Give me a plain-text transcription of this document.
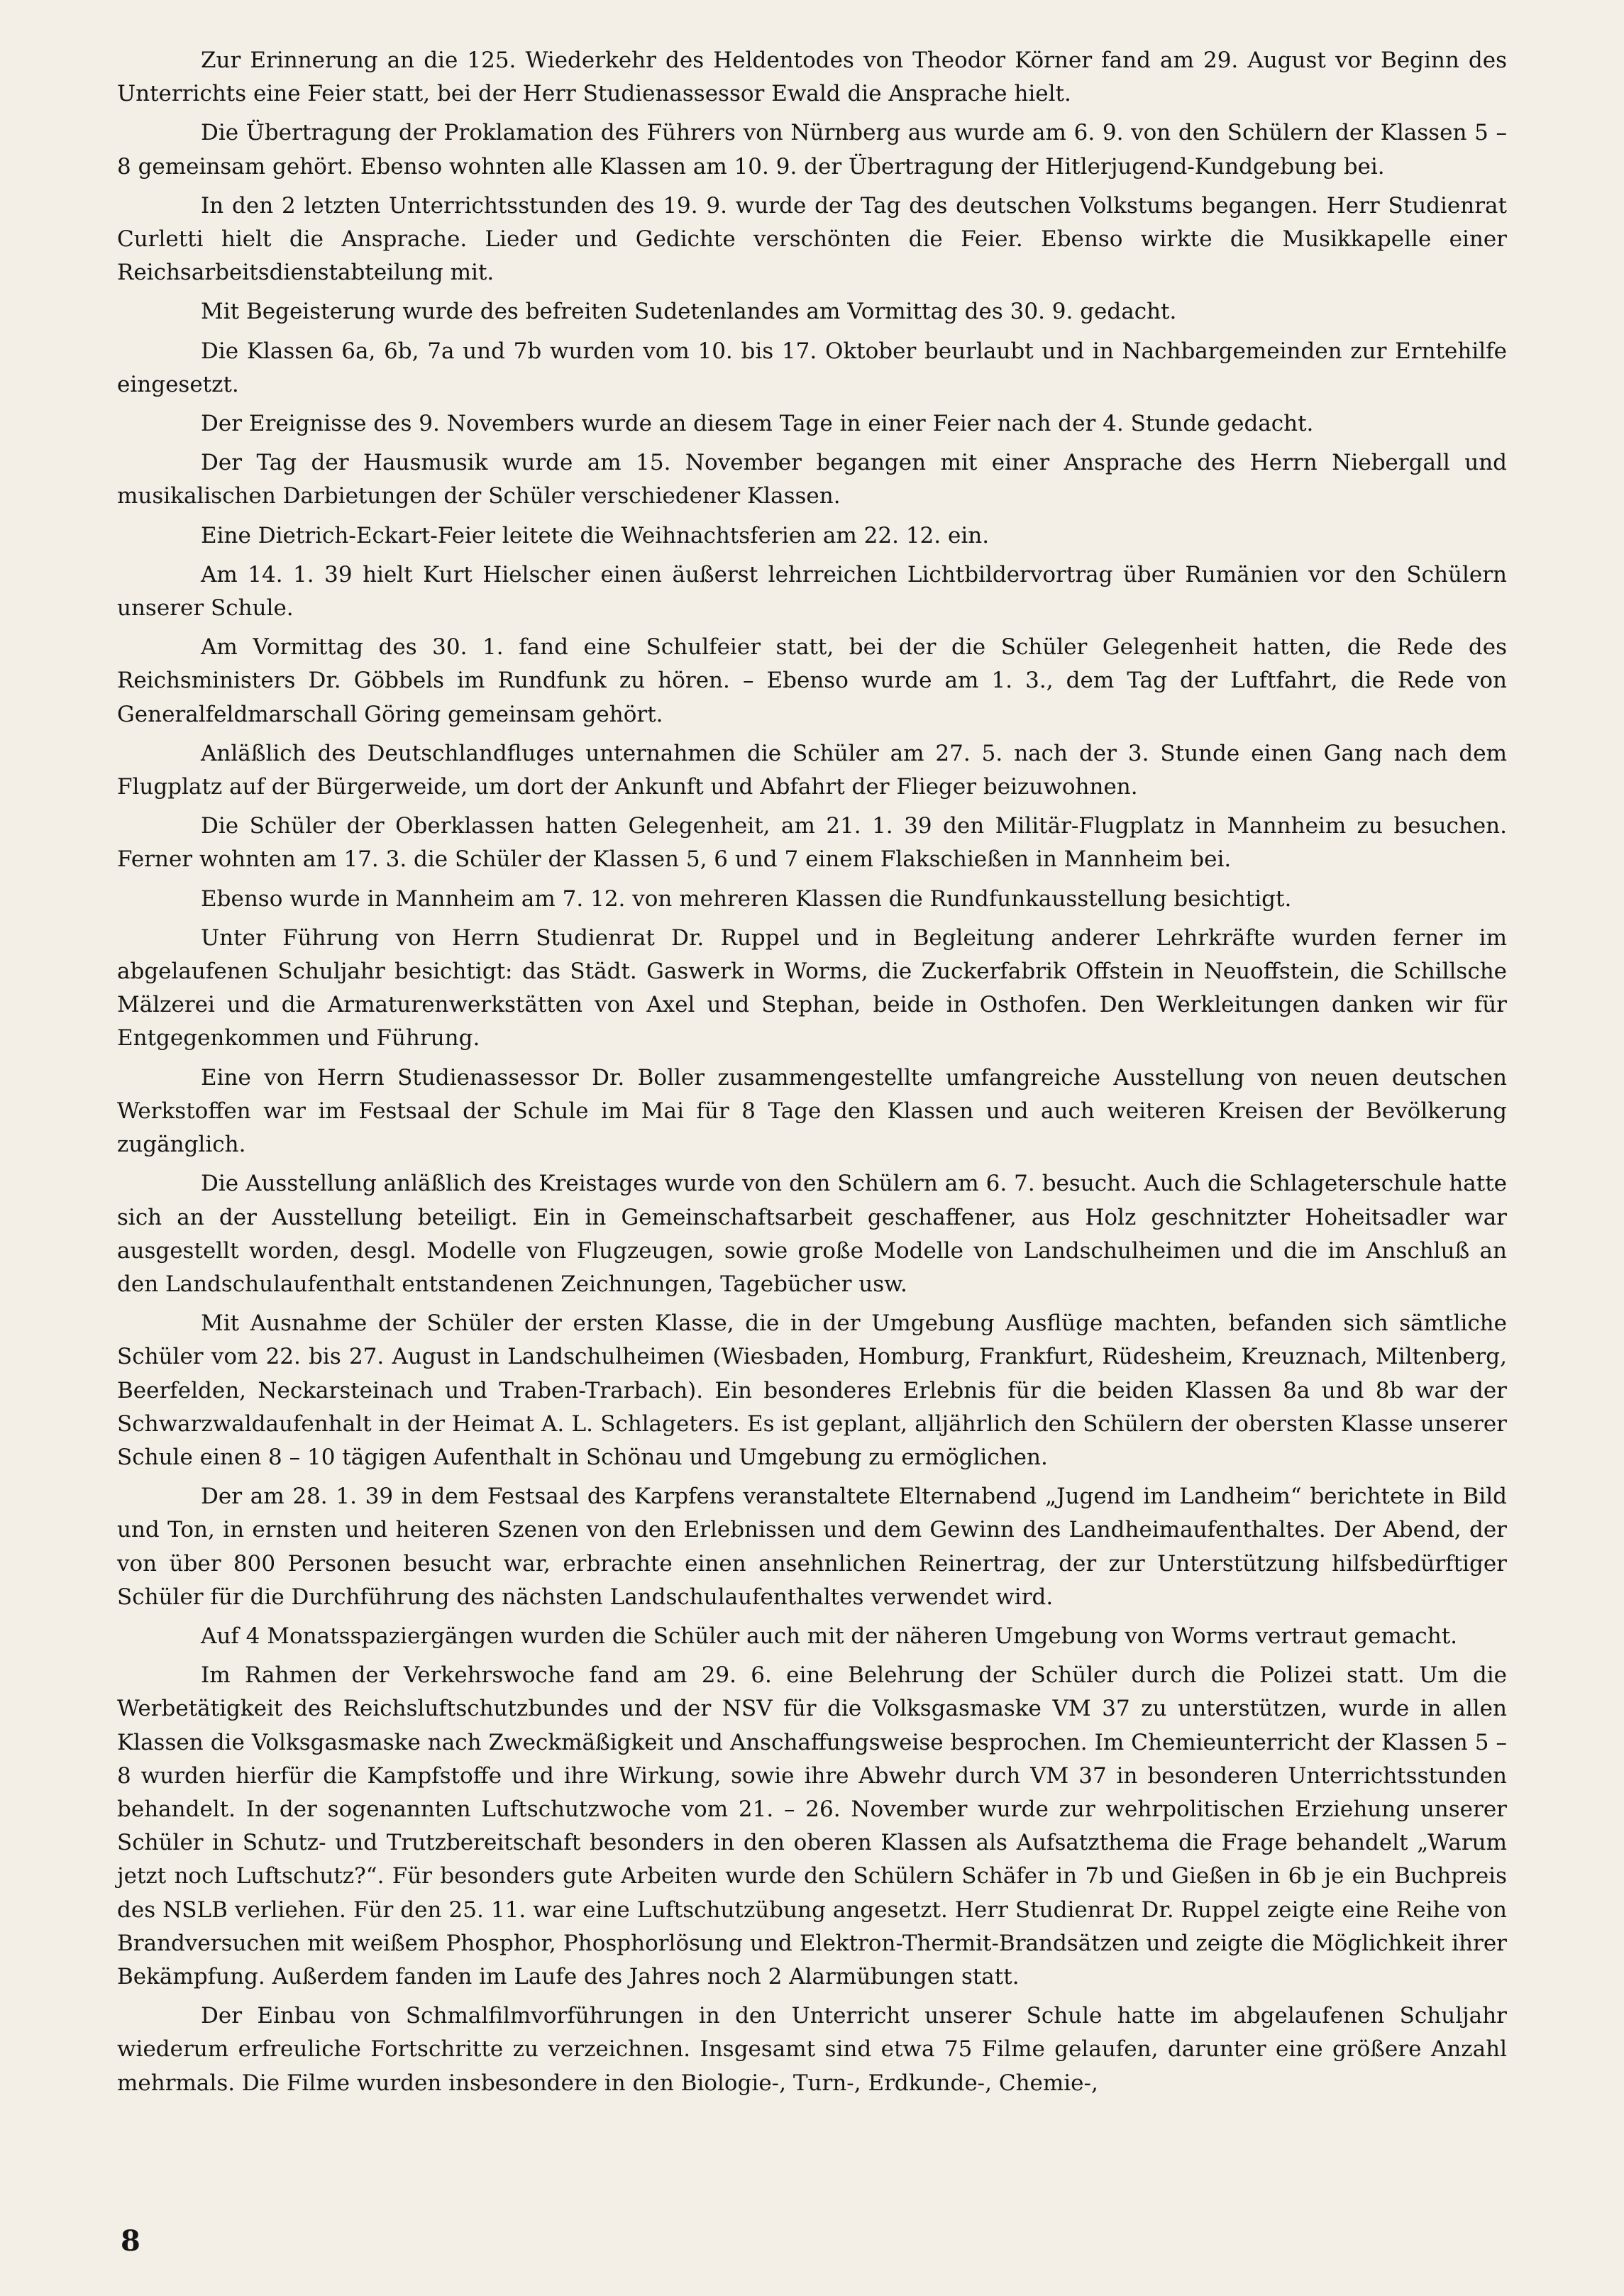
Zur Erinnerung an die 125. Wiederkehr des Heldentodes von Theodor Körner fand am 29. August vor Beginn des Unterrichts eine Feier statt, bei der Herr Studienassessor Ewald die Ansprache hielt.

Die Übertragung der Proklamation des Führers von Nürnberg aus wurde am 6. 9. von den Schülern der Klassen 5 – 8 gemeinsam gehört. Ebenso wohnten alle Klassen am 10. 9. der Übertragung der Hitlerjugend-Kundgebung bei.

In den 2 letzten Unterrichtsstunden des 19. 9. wurde der Tag des deutschen Volkstums begangen. Herr Studienrat Curletti hielt die Ansprache. Lieder und Gedichte verschönten die Feier. Ebenso wirkte die Musikkapelle einer Reichsarbeitsdienstabteilung mit.

Mit Begeisterung wurde des befreiten Sudetenlandes am Vormittag des 30. 9. gedacht.

Die Klassen 6a, 6b, 7a und 7b wurden vom 10. bis 17. Oktober beurlaubt und in Nachbargemeinden zur Erntehilfe eingesetzt.

Der Ereignisse des 9. Novembers wurde an diesem Tage in einer Feier nach der 4. Stunde gedacht.

Der Tag der Hausmusik wurde am 15. November begangen mit einer Ansprache des Herrn Niebergall und musikalischen Darbietungen der Schüler verschiedener Klassen.

Eine Dietrich-Eckart-Feier leitete die Weihnachtsferien am 22. 12. ein.

Am 14. 1. 39 hielt Kurt Hielscher einen äußerst lehrreichen Lichtbildervortrag über Rumänien vor den Schülern unserer Schule.

Am Vormittag des 30. 1. fand eine Schulfeier statt, bei der die Schüler Gelegenheit hatten, die Rede des Reichsministers Dr. Göbbels im Rundfunk zu hören. – Ebenso wurde am 1. 3., dem Tag der Luftfahrt, die Rede von Generalfeldmarschall Göring gemeinsam gehört.

Anläßlich des Deutschlandfluges unternahmen die Schüler am 27. 5. nach der 3. Stunde einen Gang nach dem Flugplatz auf der Bürgerweide, um dort der Ankunft und Abfahrt der Flieger beizuwohnen.

Die Schüler der Oberklassen hatten Gelegenheit, am 21. 1. 39 den Militär-Flugplatz in Mannheim zu besuchen. Ferner wohnten am 17. 3. die Schüler der Klassen 5, 6 und 7 einem Flakschießen in Mannheim bei.

Ebenso wurde in Mannheim am 7. 12. von mehreren Klassen die Rundfunkausstellung besichtigt.

Unter Führung von Herrn Studienrat Dr. Ruppel und in Begleitung anderer Lehrkräfte wurden ferner im abgelaufenen Schuljahr besichtigt: das Städt. Gaswerk in Worms, die Zuckerfabrik Offstein in Neuoffstein, die Schillsche Mälzerei und die Armaturenwerkstätten von Axel und Stephan, beide in Osthofen. Den Werkleitungen danken wir für Entgegenkommen und Führung.

Eine von Herrn Studienassessor Dr. Boller zusammengestellte umfangreiche Ausstellung von neuen deutschen Werkstoffen war im Festsaal der Schule im Mai für 8 Tage den Klassen und auch weiteren Kreisen der Bevölkerung zugänglich.

Die Ausstellung anläßlich des Kreistages wurde von den Schülern am 6. 7. besucht. Auch die Schlageterschule hatte sich an der Ausstellung beteiligt. Ein in Gemeinschaftsarbeit geschaffener, aus Holz geschnitzter Hoheitsadler war ausgestellt worden, desgl. Modelle von Flugzeugen, sowie große Modelle von Landschulheimen und die im Anschluß an den Landschulaufenthalt entstandenen Zeichnungen, Tagebücher usw.

Mit Ausnahme der Schüler der ersten Klasse, die in der Umgebung Ausflüge machten, befanden sich sämtliche Schüler vom 22. bis 27. August in Landschulheimen (Wiesbaden, Homburg, Frankfurt, Rüdesheim, Kreuznach, Miltenberg, Beerfelden, Neckarsteinach und Traben-Trarbach). Ein besonderes Erlebnis für die beiden Klassen 8a und 8b war der Schwarzwaldaufenhalt in der Heimat A. L. Schlageters. Es ist geplant, alljährlich den Schülern der obersten Klasse unserer Schule einen 8 – 10 tägigen Aufenthalt in Schönau und Umgebung zu ermöglichen.

Der am 28. 1. 39 in dem Festsaal des Karpfens veranstaltete Elternabend „Jugend im Landheim“ berichtete in Bild und Ton, in ernsten und heiteren Szenen von den Erlebnissen und dem Gewinn des Landheimaufenthaltes. Der Abend, der von über 800 Personen besucht war, erbrachte einen ansehnlichen Reinertrag, der zur Unterstützung hilfsbedürftiger Schüler für die Durchführung des nächsten Landschulaufenthaltes verwendet wird.

Auf 4 Monatsspaziergängen wurden die Schüler auch mit der näheren Umgebung von Worms vertraut gemacht.

Im Rahmen der Verkehrswoche fand am 29. 6. eine Belehrung der Schüler durch die Polizei statt. Um die Werbetätigkeit des Reichsluftschutzbundes und der NSV für die Volksgasmaske VM 37 zu unterstützen, wurde in allen Klassen die Volksgasmaske nach Zweckmäßigkeit und Anschaffungsweise besprochen. Im Chemieunterricht der Klassen 5 – 8 wurden hierfür die Kampfstoffe und ihre Wirkung, sowie ihre Abwehr durch VM 37 in besonderen Unterrichtsstunden behandelt. In der sogenannten Luftschutzwoche vom 21. – 26. November wurde zur wehrpolitischen Erziehung unserer Schüler in Schutz- und Trutzbereitschaft besonders in den oberen Klassen als Aufsatzthema die Frage behandelt „Warum jetzt noch Luftschutz?“. Für besonders gute Arbeiten wurde den Schülern Schäfer in 7b und Gießen in 6b je ein Buchpreis des NSLB verliehen. Für den 25. 11. war eine Luftschutzübung angesetzt. Herr Studienrat Dr. Ruppel zeigte eine Reihe von Brandversuchen mit weißem Phosphor, Phosphorlösung und Elektron-Thermit-Brandsätzen und zeigte die Möglichkeit ihrer Bekämpfung. Außerdem fanden im Laufe des Jahres noch 2 Alarmübungen statt.

Der Einbau von Schmalfilmvorführungen in den Unterricht unserer Schule hatte im abgelaufenen Schuljahr wiederum erfreuliche Fortschritte zu verzeichnen. Insgesamt sind etwa 75 Filme gelaufen, darunter eine größere Anzahl mehrmals. Die Filme wurden insbesondere in den Biologie-, Turn-, Erdkunde-, Chemie-,

8
